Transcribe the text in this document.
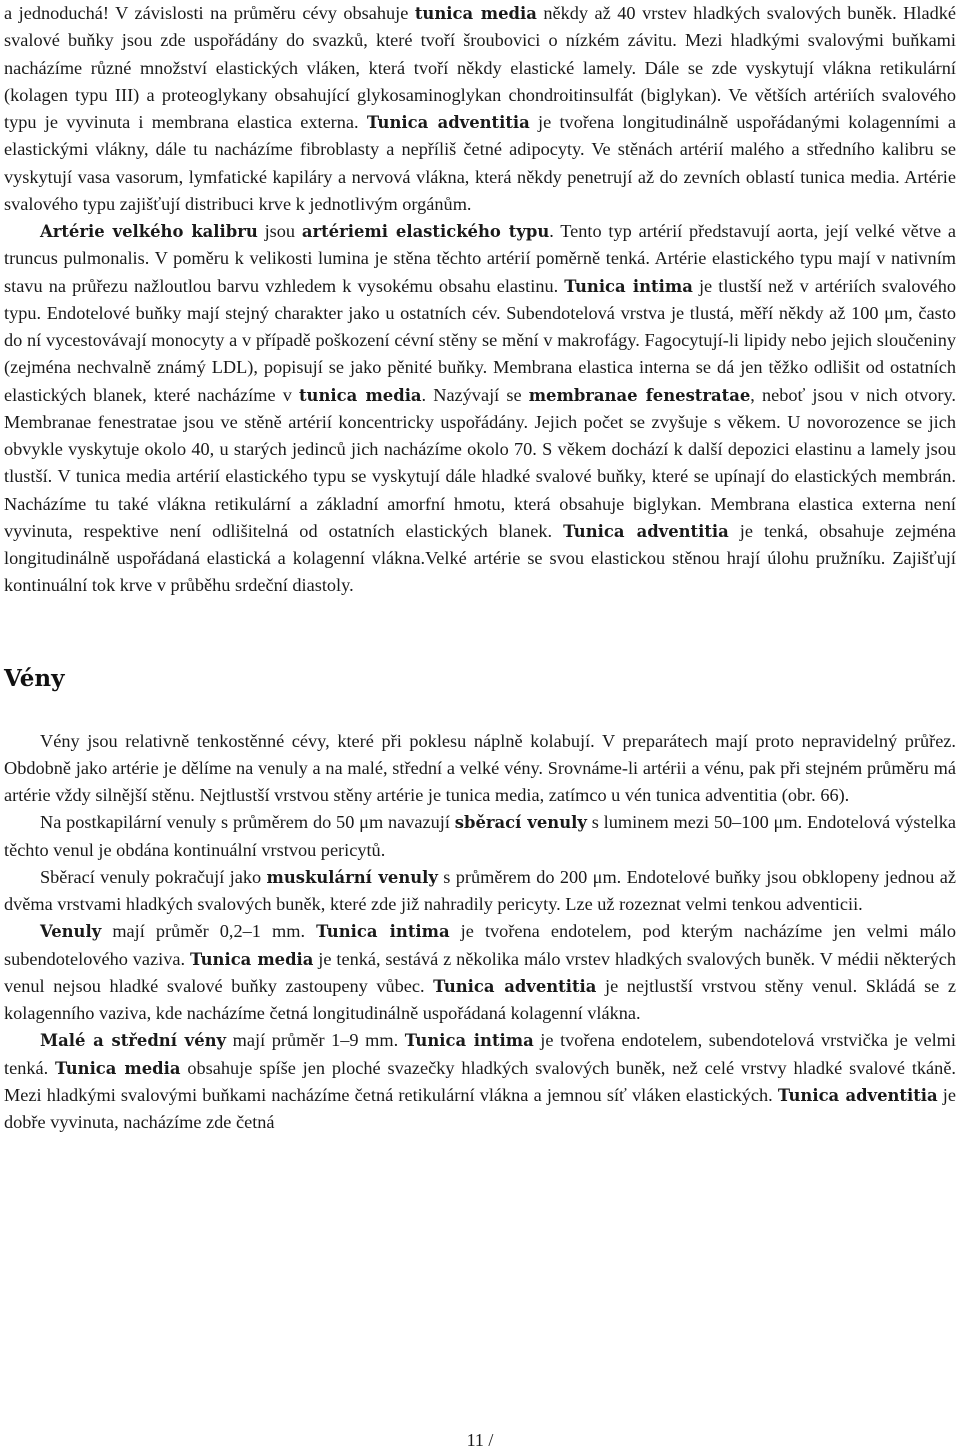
a jednoduchá! V závislosti na průměru cévy obsahuje tunica media někdy až 40 vrstev hladkých svalových buněk. Hladké svalové buňky jsou zde uspořádány do svazků, které tvoří šroubovici o nízkém závitu. Mezi hladkými svalovými buňkami nacházíme různé množství elastických vláken, která tvoří někdy elastické lamely. Dále se zde vyskytují vlákna retikulární (kolagen typu III) a proteoglykany obsahující glykosaminoglykan chondroitinsulfát (biglykan). Ve větších artériích svalového typu je vyvinuta i membrana elastica externa. Tunica adventitia je tvořena longitudinálně uspořádanými kolagenními a elastickými vlákny, dále tu nacházíme fibroblasty a nepříliš četné adipocyty. Ve stěnách artérií malého a středního kalibru se vyskytují vasa vasorum, lymfatické kapiláry a nervová vlákna, která někdy penetrují až do zevních oblastí tunica media. Artérie svalového typu zajišťují distribuci krve k jednotlivým orgánům.

Artérie velkého kalibru jsou artériemi elastického typu. Tento typ artérií představují aorta, její velké větve a truncus pulmonalis. V poměru k velikosti lumina je stěna těchto artérií poměrně tenká. Artérie elastického typu mají v nativním stavu na průřezu nažloutlou barvu vzhledem k vysokému obsahu elastinu. Tunica intima je tlustší než v artériích svalového typu. Endotelové buňky mají stejný charakter jako u ostatních cév. Subendotelová vrstva je tlustá, měří někdy až 100 μm, často do ní vycestovávají monocyty a v případě poškození cévní stěny se mění v makrofágy. Fagocytují-li lipidy nebo jejich sloučeniny (zejména nechvalně známý LDL), popisují se jako pěnité buňky. Membrana elastica interna se dá jen těžko odlišit od ostatních elastických blanek, které nacházíme v tunica media. Nazývají se membranae fenestratae, neboť jsou v nich otvory. Membranae fenestratae jsou ve stěně artérií koncentricky uspořádány. Jejich počet se zvyšuje s věkem. U novorozence se jich obvykle vyskytuje okolo 40, u starých jedinců jich nacházíme okolo 70. S věkem dochází k další depozici elastinu a lamely jsou tlustší. V tunica media artérií elastického typu se vyskytují dále hladké svalové buňky, které se upínají do elastických membrán. Nacházíme tu také vlákna retikulární a základní amorfní hmotu, která obsahuje biglykan. Membrana elastica externa není vyvinuta, respektive není odlišitelná od ostatních elastických blanek. Tunica adventitia je tenká, obsahuje zejména longitudinálně uspořádaná elastická a kolagenní vlákna.Velké artérie se svou elastickou stěnou hrají úlohu pružníku. Zajišťují kontinuální tok krve v průběhu srdeční diastoly.

Vény

Vény jsou relativně tenkostěnné cévy, které při poklesu náplně kolabují. V preparátech mají proto nepravidelný průřez. Obdobně jako artérie je dělíme na venuly a na malé, střední a velké vény. Srovnáme-li artérii a vénu, pak při stejném průměru má artérie vždy silnější stěnu. Nejtlustší vrstvou stěny artérie je tunica media, zatímco u vén tunica adventitia (obr. 66).

Na postkapilární venuly s průměrem do 50 μm navazují sběrací venuly s luminem mezi 50–100 μm. Endotelová výstelka těchto venul je obdána kontinuální vrstvou pericytů.

Sběrací venuly pokračují jako muskulární venuly s průměrem do 200 μm. Endotelové buňky jsou obklopeny jednou až dvěma vrstvami hladkých svalových buněk, které zde již nahradily pericyty. Lze už rozeznat velmi tenkou adventicii.

Venuly mají průměr 0,2–1 mm. Tunica intima je tvořena endotelem, pod kterým nacházíme jen velmi málo subendotelového vaziva. Tunica media je tenká, sestává z několika málo vrstev hladkých svalových buněk. V médii některých venul nejsou hladké svalové buňky zastoupeny vůbec. Tunica adventitia je nejtlustší vrstvou stěny venul. Skládá se z kolagenního vaziva, kde nacházíme četná longitudinálně uspořádaná kolagenní vlákna.

Malé a střední vény mají průměr 1–9 mm. Tunica intima je tvořena endotelem, subendotelová vrstvička je velmi tenká. Tunica media obsahuje spíše jen ploché svazečky hladkých svalových buněk, než celé vrstvy hladké svalové tkáně. Mezi hladkými svalovými buňkami nacházíme četná retikulární vlákna a jemnou síť vláken elastických. Tunica adventitia je dobře vyvinuta, nacházíme zde četná

11 /
